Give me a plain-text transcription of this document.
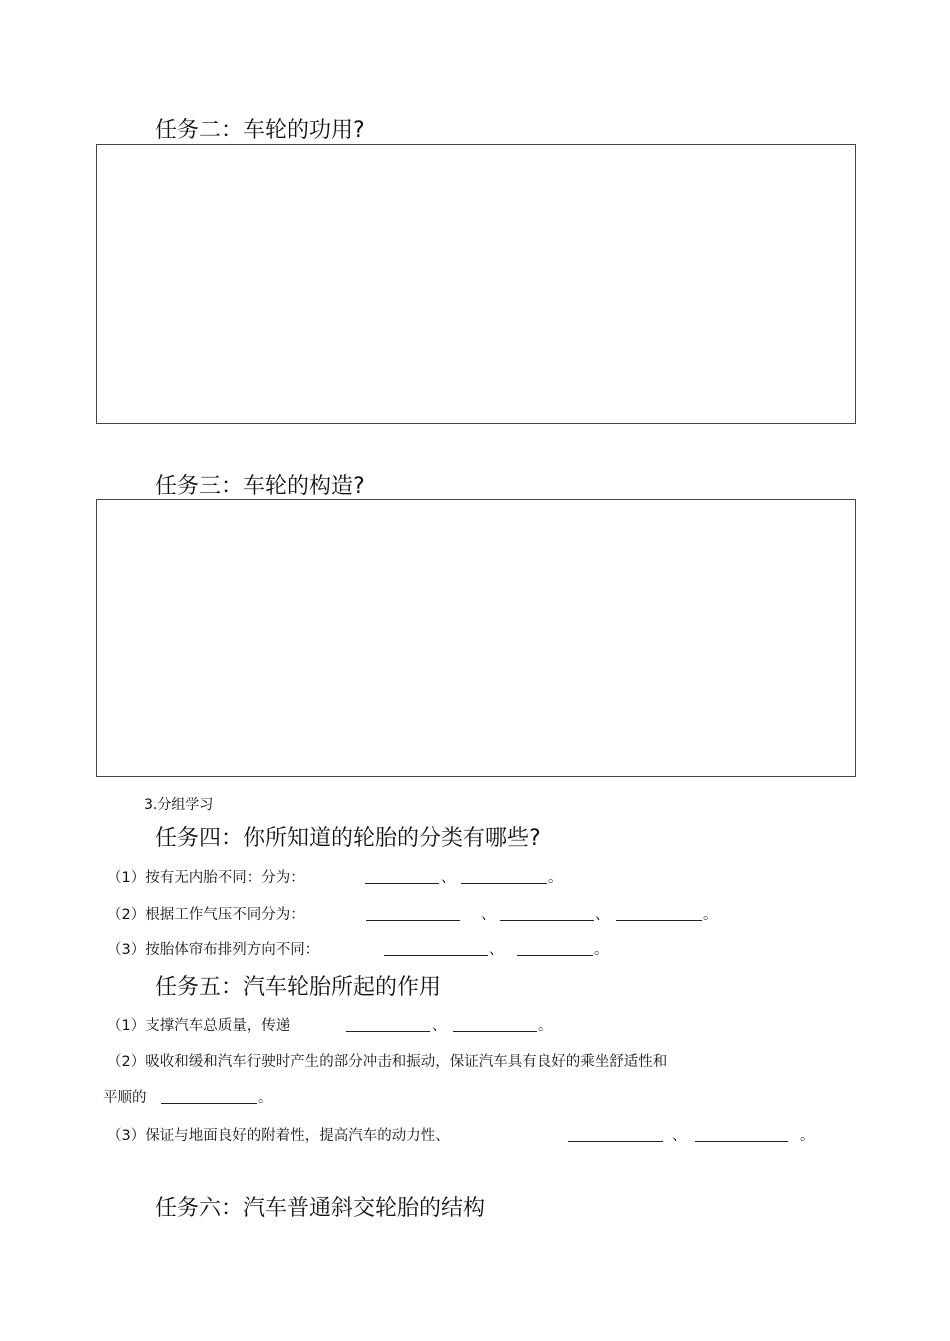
任务二：车轮的功用?
任务三：车轮的构造?
3.分组学习
任务四：你所知道的轮胎的分类有哪些?
（1）按有无内胎不同：分为：	、	。
（2）根据工作气压不同分为：	、	、	。
（3）按胎体帘布排列方向不同：	、	。
任务五：汽车轮胎所起的作用
（1）支撑汽车总质量，传递	、	。
（2）吸收和缓和汽车行驶时产生的部分冲击和振动，保证汽车具有良好的乘坐舒适性和
平顺的	。
（3）保证与地面良好的附着性，提高汽车的动力性、	、	。
任务六：汽车普通斜交轮胎的结构
